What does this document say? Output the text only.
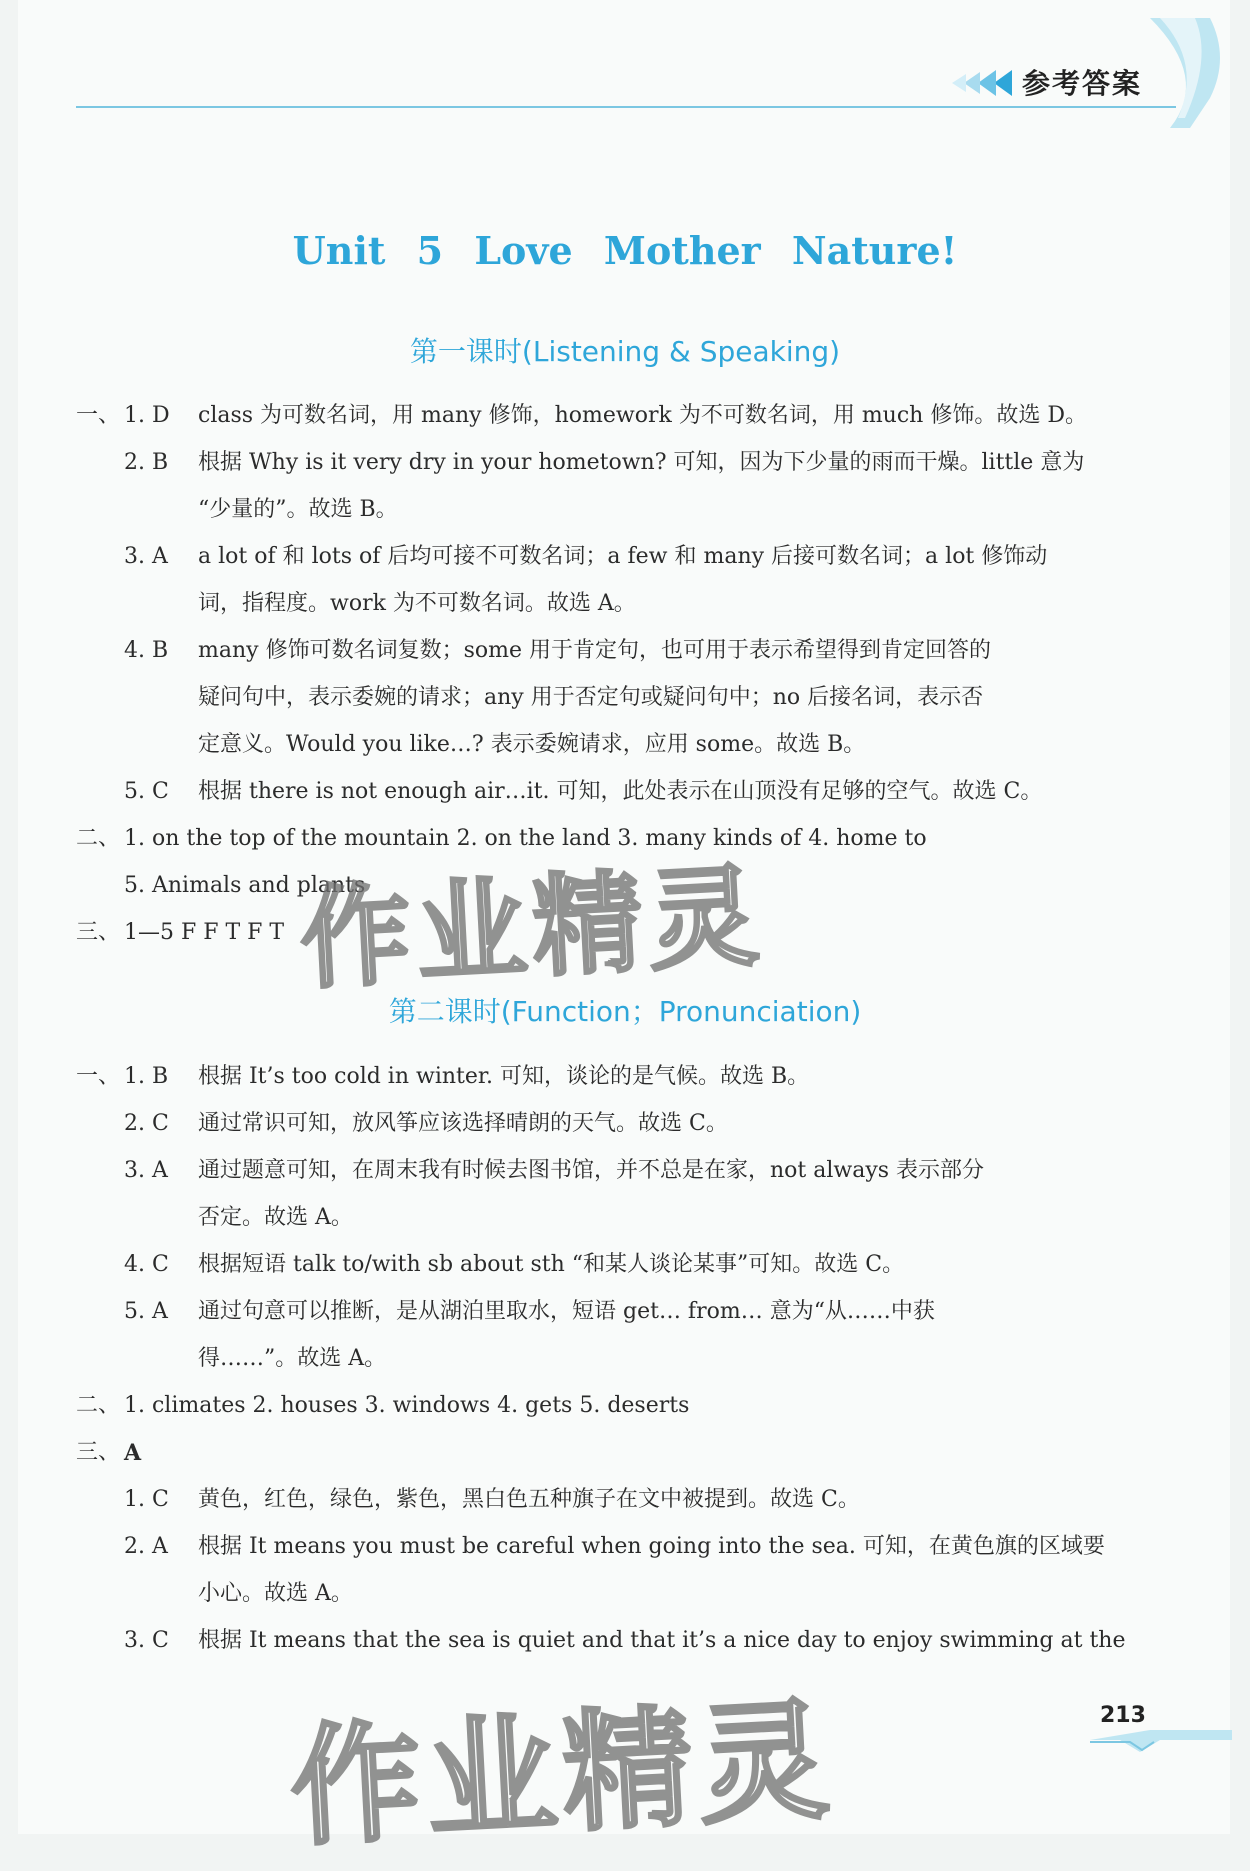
参考答案
Unit 5 Love Mother Nature!
第一课时(Listening & Speaking)
一、 1. D class 为可数名词，用 many 修饰，homework 为不可数名词，用 much 修饰。故选 D。
2. B 根据 Why is it very dry in your hometown? 可知，因为下少量的雨而干燥。little 意为
“少量的”。故选 B。
3. A a lot of 和 lots of 后均可接不可数名词；a few 和 many 后接可数名词；a lot 修饰动
词，指程度。work 为不可数名词。故选 A。
4. B many 修饰可数名词复数；some 用于肯定句，也可用于表示希望得到肯定回答的
疑问句中，表示委婉的请求；any 用于否定句或疑问句中；no 后接名词，表示否
定意义。Would you like…? 表示委婉请求，应用 some。故选 B。
5. C 根据 there is not enough air…it. 可知，此处表示在山顶没有足够的空气。故选 C。
二、 1. on the top of the mountain 2. on the land 3. many kinds of 4. home to
5. Animals and plants
三、 1—5 F F T F T
第二课时(Function；Pronunciation)
一、 1. B 根据 It’s too cold in winter. 可知，谈论的是气候。故选 B。
2. C 通过常识可知，放风筝应该选择晴朗的天气。故选 C。
3. A 通过题意可知，在周末我有时候去图书馆，并不总是在家，not always 表示部分
否定。故选 A。
4. C 根据短语 talk to/with sb about sth “和某人谈论某事”可知。故选 C。
5. A 通过句意可以推断，是从湖泊里取水，短语 get… from… 意为“从……中获
得……”。故选 A。
二、 1. climates 2. houses 3. windows 4. gets 5. deserts
三、 A
1. C 黄色，红色，绿色，紫色，黑白色五种旗子在文中被提到。故选 C。
2. A 根据 It means you must be careful when going into the sea. 可知，在黄色旗的区域要
小心。故选 A。
3. C 根据 It means that the sea is quiet and that it’s a nice day to enjoy swimming at the
作业精灵
作业精灵	213
